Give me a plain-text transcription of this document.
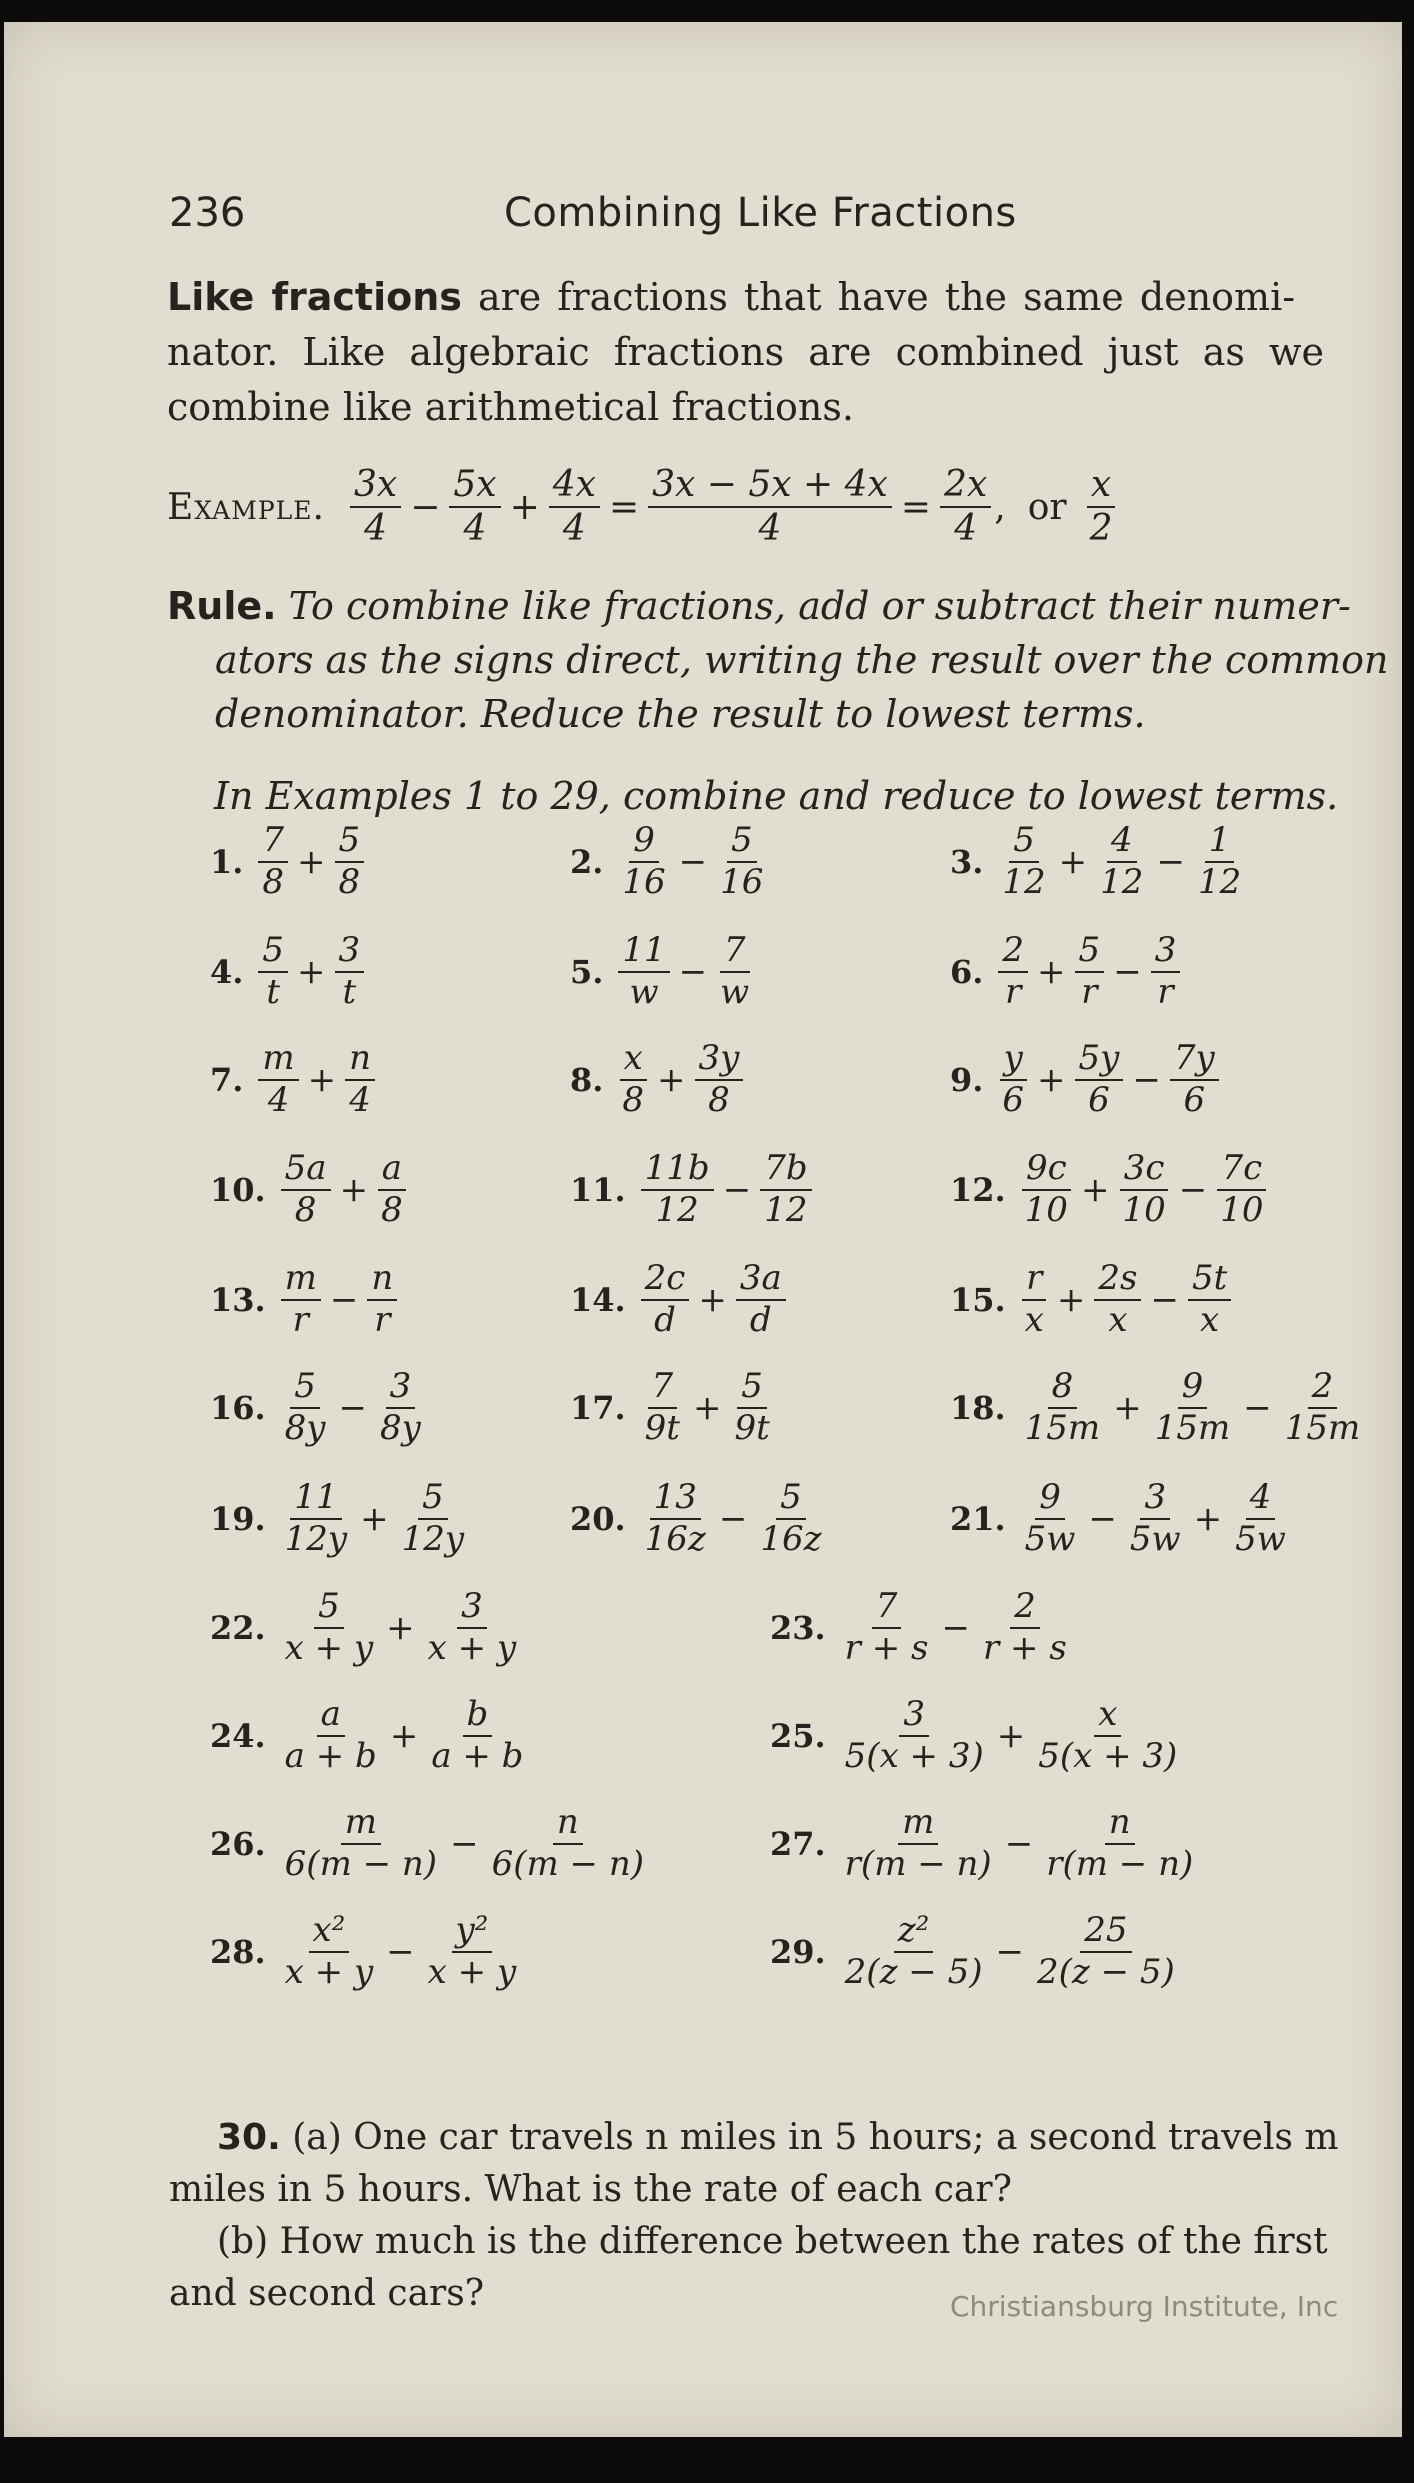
236	Combining Like Fractions
Like fractions are fractions that have the same denomi-
nator. Like algebraic fractions are combined just as we
combine like arithmetical fractions.
Example. $\frac{3x}{4} - \frac{5x}{4} + \frac{4x}{4} = \frac{3x - 5x + 4x}{4} = \frac{2x}{4}$ , or $\frac{x}{2}$
Rule. To combine like fractions, add or subtract their numer-
ators as the signs direct, writing the result over the common
denominator. Reduce the result to lowest terms.
In Examples 1 to 29, combine and reduce to lowest terms.
1. $\frac{7}{8} + \frac{5}{8}$	2. $\frac{9}{16} - \frac{5}{16}$	3. $\frac{5}{12} + \frac{4}{12} - \frac{1}{12}$
4. $\frac{5}{t} + \frac{3}{t}$	5. $\frac{11}{w} - \frac{7}{w}$	6. $\frac{2}{r} + \frac{5}{r} - \frac{3}{r}$
7. $\frac{m}{4} + \frac{n}{4}$	8. $\frac{x}{8} + \frac{3y}{8}$	9. $\frac{y}{6} + \frac{5y}{6} - \frac{7y}{6}$
10. $\frac{5a}{8} + \frac{a}{8}$	11. $\frac{11b}{12} - \frac{7b}{12}$	12. $\frac{9c}{10} + \frac{3c}{10} - \frac{7c}{10}$
13. $\frac{m}{r} - \frac{n}{r}$	14. $\frac{2c}{d} + \frac{3a}{d}$	15. $\frac{r}{x} + \frac{2s}{x} - \frac{5t}{x}$
16. $\frac{5}{8y} - \frac{3}{8y}$	17. $\frac{7}{9t} + \frac{5}{9t}$	18. $\frac{8}{15m} + \frac{9}{15m} - \frac{2}{15m}$
19. $\frac{11}{12y} + \frac{5}{12y}$	20. $\frac{13}{16z} - \frac{5}{16z}$	21. $\frac{9}{5w} - \frac{3}{5w} + \frac{4}{5w}$
22. $\frac{5}{x + y} + \frac{3}{x + y}$	23. $\frac{7}{r + s} - \frac{2}{r + s}$
24. $\frac{a}{a + b} + \frac{b}{a + b}$	25. $\frac{3}{5(x + 3)} + \frac{x}{5(x + 3)}$
26. $\frac{m}{6(m - n)} - \frac{n}{6(m - n)}$	27. $\frac{m}{r(m - n)} - \frac{n}{r(m - n)}$
28. $\frac{\text{x²}}{x + y} - \frac{\text{y²}}{x + y}$	29. $\frac{\text{z²}}{2(z - 5)} - \frac{25}{2(z - 5)}$
30. (a) One car travels n miles in 5 hours; a second travels m
miles in 5 hours. What is the rate of each car?
(b) How much is the difference between the rates of the first
and second cars?	Christiansburg Institute, Inc
